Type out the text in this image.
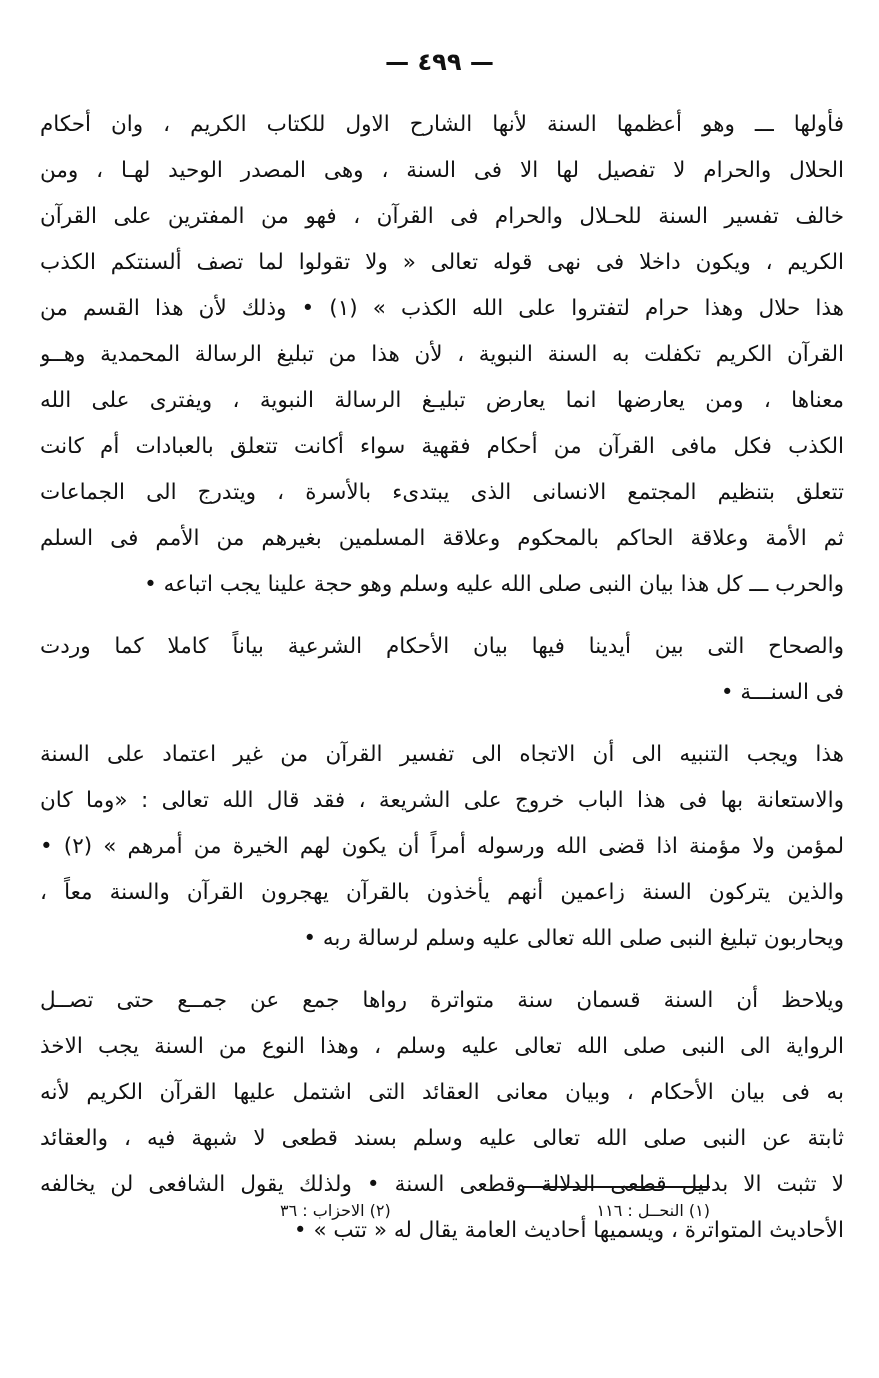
— ٤٩٩ —
فأولها ـــ وهو أعظمها السنة لأنها الشارح الاول للكتاب الكريم ، وان أحكام
الحلال والحرام لا تفصيل لها الا فى السنة ، وهى المصدر الوحيد لهـا ، ومن
خالف تفسير السنة للحـلال والحرام فى القرآن ، فهو من المفترين على القرآن
الكريم ، ويكون داخلا فى نهى قوله تعالى « ولا تقولوا لما تصف ألسنتكم الكذب
هذا حلال وهذا حرام لتفتروا على الله الكذب » (١) • وذلك لأن هذا القسم من
القرآن الكريم تكفلت به السنة النبوية ، لأن هذا من تبليغ الرسالة المحمدية وهــو
معناها ، ومن يعارضها انما يعارض تبليـغ الرسالة النبوية ، ويفترى على الله
الكذب فكل مافى القرآن من أحكام فقهية سواء أكانت تتعلق بالعبادات أم كانت
تتعلق بتنظيم المجتمع الانسانى الذى يبتدىء بالأسرة ، ويتدرج الى الجماعات
ثم الأمة وعلاقة الحاكم بالمحكوم وعلاقة المسلمين بغيرهم من الأمم فى السلم
والحرب ـــ كل هذا بيان النبى صلى الله عليه وسلم وهو حجة علينا يجب اتباعه •
والصحاح التى بين أيدينا فيها بيان الأحكام الشرعية بياناً كاملا كما وردت
فى السنـــة •
هذا ويجب التنبيه الى أن الاتجاه الى تفسير القرآن من غير اعتماد على السنة
والاستعانة بها فى هذا الباب خروج على الشريعة ، فقد قال الله تعالى : «وما كان
لمؤمن ولا مؤمنة اذا قضى الله ورسوله أمراً أن يكون لهم الخيرة من أمرهم » (٢) •
والذين يتركون السنة زاعمين أنهم يأخذون بالقرآن يهجرون القرآن والسنة معاً ،
ويحاربون تبليغ النبى صلى الله تعالى عليه وسلم لرسالة ربه •
ويلاحظ أن السنة قسمان سنة متواترة رواها جمع عن جمــع حتى تصــل
الرواية الى النبى صلى الله تعالى عليه وسلم ، وهذا النوع من السنة يجب الاخذ
به فى بيان الأحكام ، وبيان معانى العقائد التى اشتمل عليها القرآن الكريم لأنه
ثابتة عن النبى صلى الله تعالى عليه وسلم بسند قطعى لا شبهة فيه ، والعقائد
لا تثبت الا بدليل قطعى الدلالة وقطعى السنة • ولذلك يقول الشافعى لن يخالفه
الأحاديث المتواترة ، ويسميها أحاديث العامة يقال له « تتب » •
(١) النحــل : ١١٦
(٢) الاحزاب : ٣٦
